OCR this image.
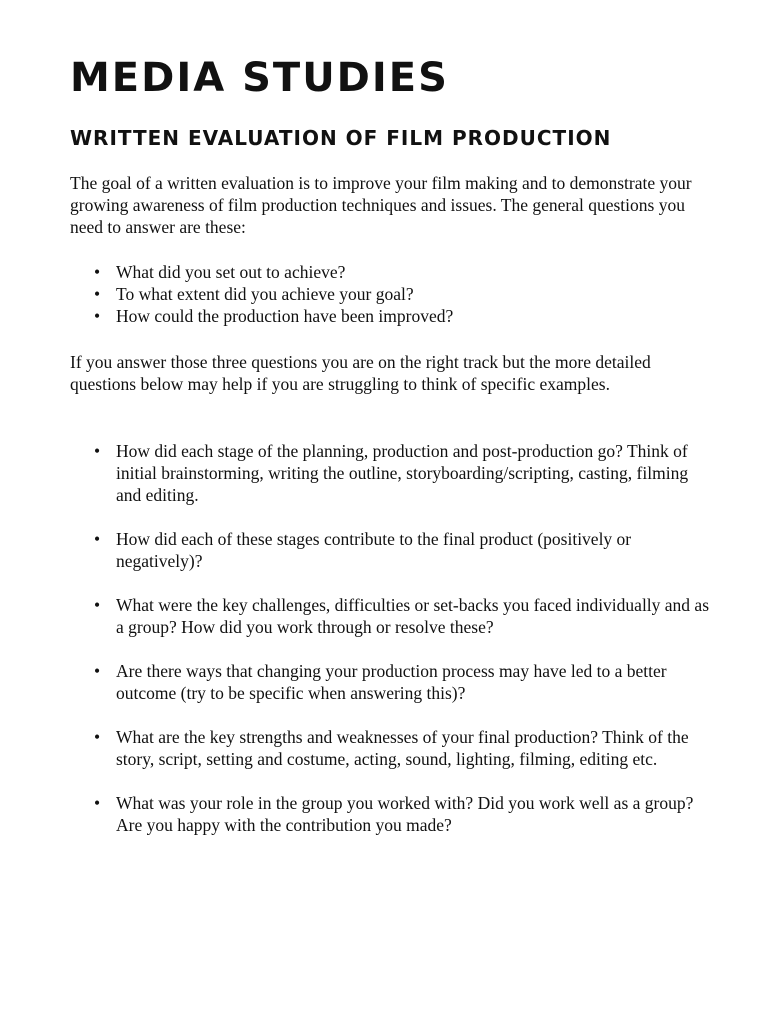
MEDIA STUDIES
WRITTEN EVALUATION OF FILM PRODUCTION

The goal of a written evaluation is to improve your film making and to demonstrate your growing awareness of film production techniques and issues. The general questions you need to answer are these:

• What did you set out to achieve?
• To what extent did you achieve your goal?
• How could the production have been improved?

If you answer those three questions you are on the right track but the more detailed questions below may help if you are struggling to think of specific examples.

• How did each stage of the planning, production and post-production go? Think of initial brainstorming, writing the outline, storyboarding/scripting, casting, filming and editing.
• How did each of these stages contribute to the final product (positively or negatively)?
• What were the key challenges, difficulties or set-backs you faced individually and as a group? How did you work through or resolve these?
• Are there ways that changing your production process may have led to a better outcome (try to be specific when answering this)?
• What are the key strengths and weaknesses of your final production? Think of the story, script, setting and costume, acting, sound, lighting, filming, editing etc.
• What was your role in the group you worked with? Did you work well as a group? Are you happy with the contribution you made?
